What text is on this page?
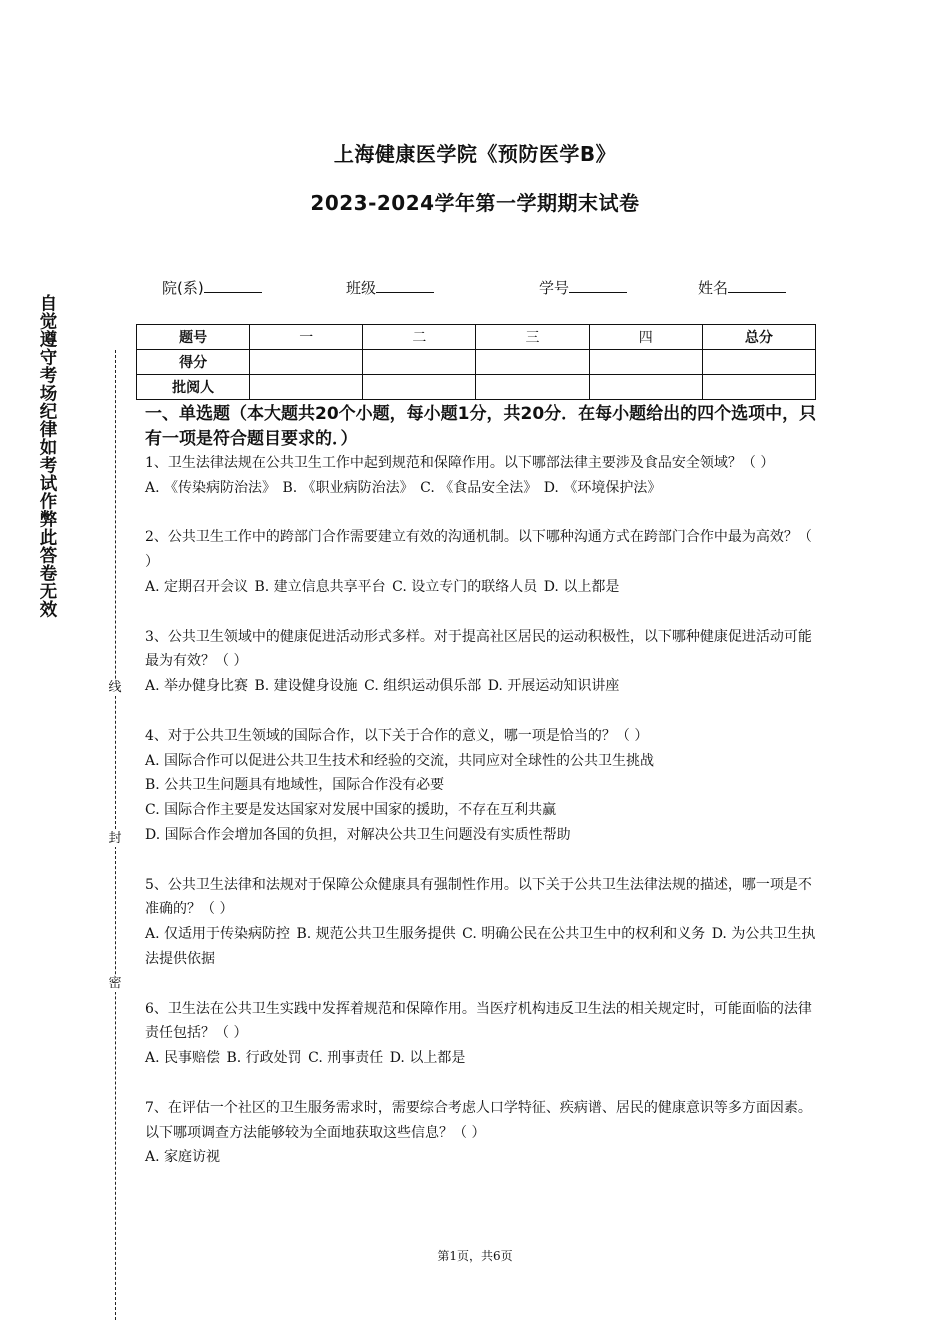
上海健康医学院《预防医学B》
2023-2024学年第一学期期末试卷
自觉遵守考场纪律如考试作弊此答卷无效
线
封
密
院(系)	班级	学号	姓名
题号	一	二	三	四	总分
得分					
批阅人					
一、单选题（本大题共20个小题，每小题1分，共20分．在每小题给出的四个选项中，只有一项是符合题目要求的．）

1、卫生法律法规在公共卫生工作中起到规范和保障作用。以下哪部法律主要涉及食品安全领域？（ ）

A. 《传染病防治法》 B. 《职业病防治法》 C. 《食品安全法》 D. 《环境保护法》

2、公共卫生工作中的跨部门合作需要建立有效的沟通机制。以下哪种沟通方式在跨部门合作中最为高效？（ ）

A. 定期召开会议 B. 建立信息共享平台 C. 设立专门的联络人员 D. 以上都是

3、公共卫生领域中的健康促进活动形式多样。对于提高社区居民的运动积极性，以下哪种健康促进活动可能最为有效？（ ）

A. 举办健身比赛 B. 建设健身设施 C. 组织运动俱乐部 D. 开展运动知识讲座

4、对于公共卫生领域的国际合作，以下关于合作的意义，哪一项是恰当的？（ ）

A. 国际合作可以促进公共卫生技术和经验的交流，共同应对全球性的公共卫生挑战
B. 公共卫生问题具有地域性，国际合作没有必要
C. 国际合作主要是发达国家对发展中国家的援助，不存在互利共赢
D. 国际合作会增加各国的负担，对解决公共卫生问题没有实质性帮助

5、公共卫生法律和法规对于保障公众健康具有强制性作用。以下关于公共卫生法律法规的描述，哪一项是不准确的？（ ）

A. 仅适用于传染病防控 B. 规范公共卫生服务提供 C. 明确公民在公共卫生中的权利和义务 D. 为公共卫生执法提供依据

6、卫生法在公共卫生实践中发挥着规范和保障作用。当医疗机构违反卫生法的相关规定时，可能面临的法律责任包括？（ ）

A. 民事赔偿 B. 行政处罚 C. 刑事责任 D. 以上都是

7、在评估一个社区的卫生服务需求时，需要综合考虑人口学特征、疾病谱、居民的健康意识等多方面因素。以下哪项调查方法能够较为全面地获取这些信息？（ ）

A. 家庭访视

第1页，共6页
